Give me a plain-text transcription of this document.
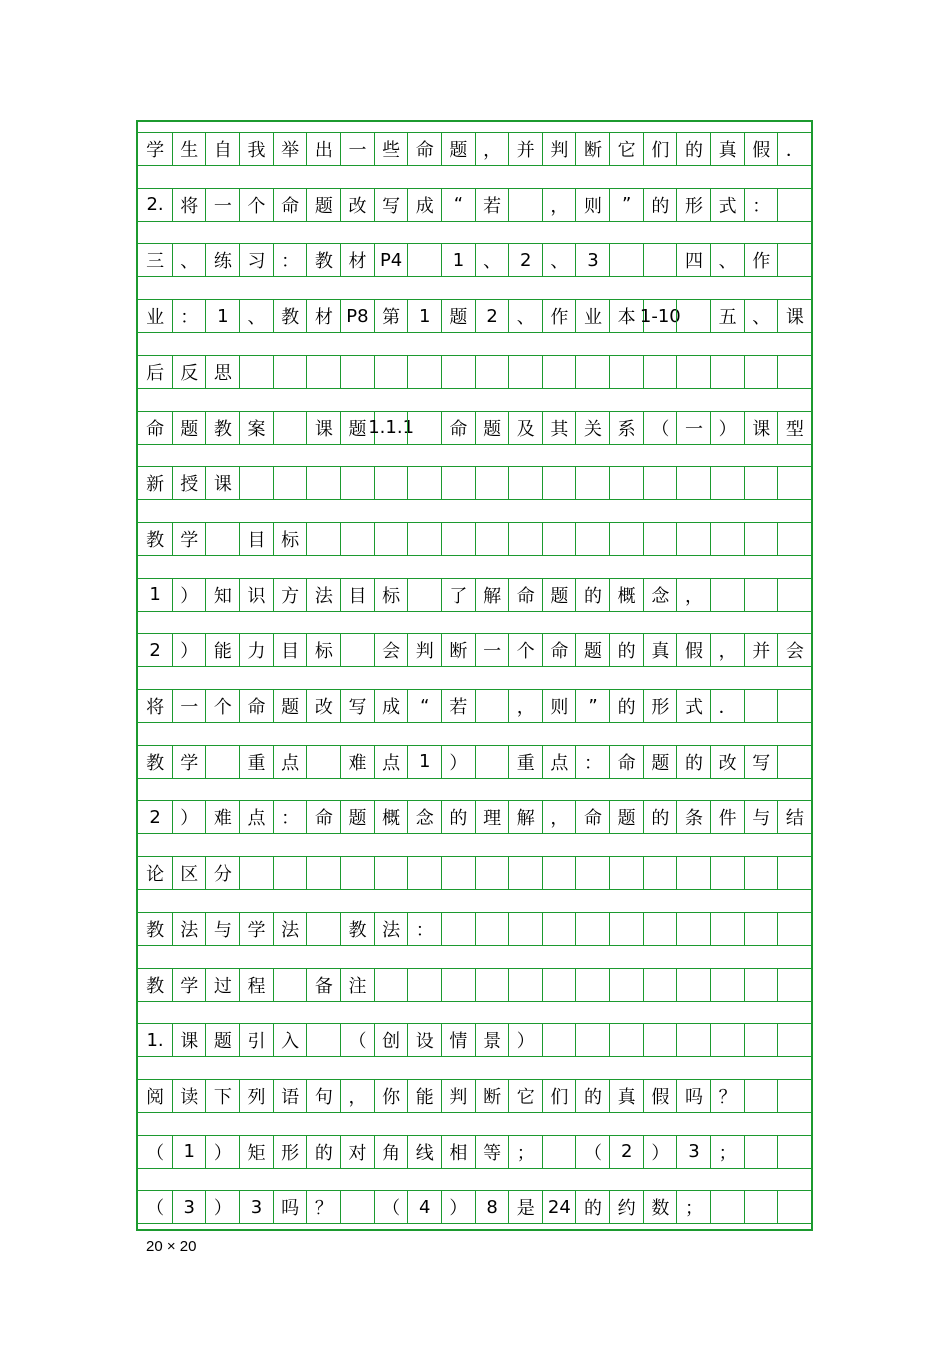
学 生 自 我 举 出 一 些 命 题 ， 并 判 断 它 们 的 真 假 ．
2. 将 一 个 命 题 改 写 成	“	若	， 则	”	的 形 式 ：
三 、 练 习 ： 教 材 P4	1	、	2	、	3	四 、 作
业 ：	1	、 教 材 P8 第	1	题	2	、 作 业 本 1-10	五 、 课
后 反 思
命 题 教 案	课 题 1.1.1	命 题 及 其 关 系 （ 一 ） 课 型
新 授 课
教 学	目 标
1	） 知 识 方 法 目 标	了 解 命 题 的 概 念 ，
2	） 能 力 目 标	会 判 断 一 个 命 题 的 真 假 ， 并 会
将 一 个 命 题 改 写 成	“	若	， 则	”	的 形 式 ．
教 学	重 点	难 点	1	）	重 点 ： 命 题 的 改 写
2	） 难 点 ： 命 题 概 念 的 理 解 ， 命 题 的 条 件 与 结
论 区 分
教 法 与 学 法	教 法 ：
教 学 过 程	备 注
1. 课 题 引 入	（ 创 设 情 景 ）
阅 读 下 列 语 句 ， 你 能 判 断 它 们 的 真 假 吗 ？
（	1	） 矩 形 的 对 角 线 相 等 ；	（	2	）	3	；
（	3	）	3	吗 ？	（	4	）	8	是 24 的 约 数 ；
20 × 20
